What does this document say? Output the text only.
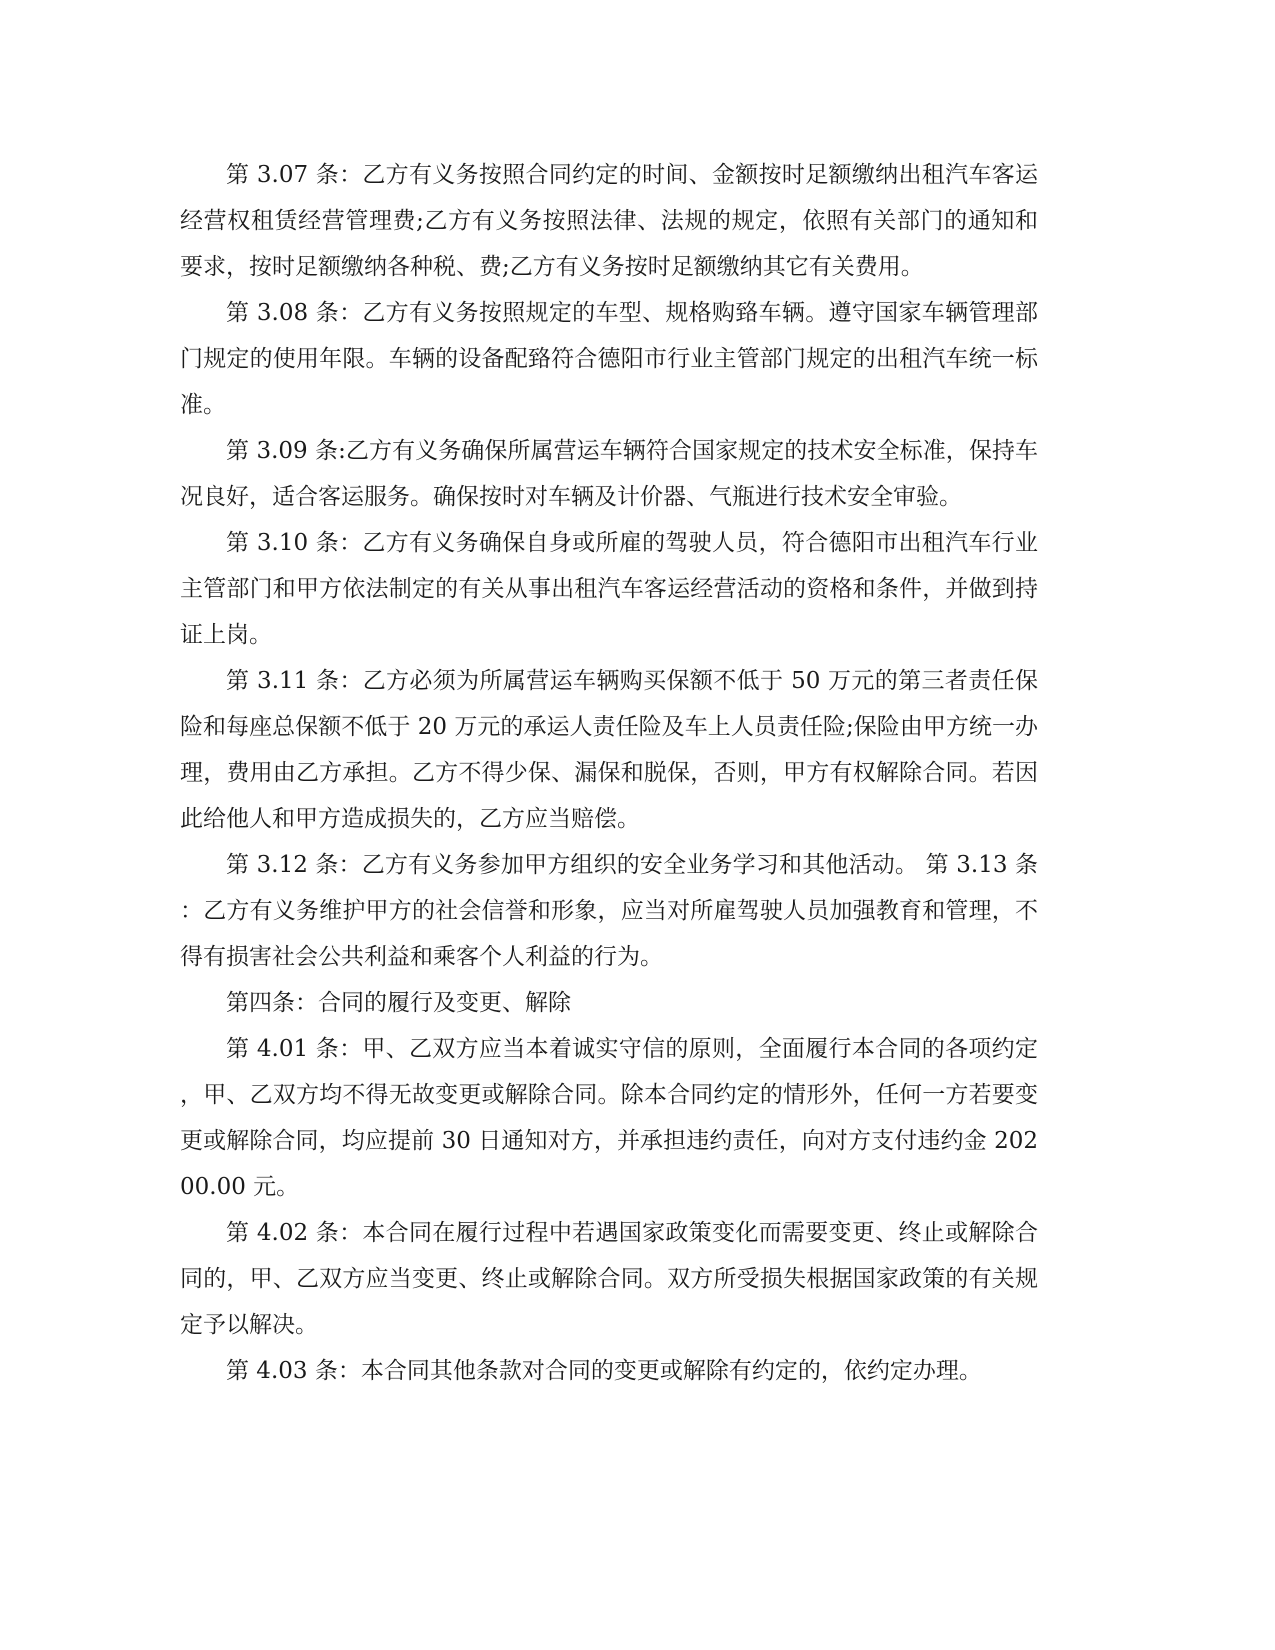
第 3.07 条：乙方有义务按照合同约定的时间、金额按时足额缴纳出租汽车客运经营权租赁经营管理费;乙方有义务按照法律、法规的规定，依照有关部门的通知和要求，按时足额缴纳各种税、费;乙方有义务按时足额缴纳其它有关费用。

第 3.08 条：乙方有义务按照规定的车型、规格购臵车辆。遵守国家车辆管理部门规定的使用年限。车辆的设备配臵符合德阳市行业主管部门规定的出租汽车统一标准。

第 3.09 条:乙方有义务确保所属营运车辆符合国家规定的技术安全标准，保持车况良好，适合客运服务。确保按时对车辆及计价器、气瓶进行技术安全审验。

第 3.10 条：乙方有义务确保自身或所雇的驾驶人员，符合德阳市出租汽车行业主管部门和甲方依法制定的有关从事出租汽车客运经营活动的资格和条件，并做到持证上岗。

第 3.11 条：乙方必须为所属营运车辆购买保额不低于 50 万元的第三者责任保险和每座总保额不低于 20 万元的承运人责任险及车上人员责任险;保险由甲方统一办理，费用由乙方承担。乙方不得少保、漏保和脱保，否则，甲方有权解除合同。若因此给他人和甲方造成损失的，乙方应当赔偿。

第 3.12 条：乙方有义务参加甲方组织的安全业务学习和其他活动。 第 3.13 条：乙方有义务维护甲方的社会信誉和形象，应当对所雇驾驶人员加强教育和管理，不得有损害社会公共利益和乘客个人利益的行为。

第四条：合同的履行及变更、解除

第 4.01 条：甲、乙双方应当本着诚实守信的原则，全面履行本合同的各项约定，甲、乙双方均不得无故变更或解除合同。除本合同约定的情形外，任何一方若要变更或解除合同，均应提前 30 日通知对方，并承担违约责任，向对方支付违约金 20200.00 元。

第 4.02 条：本合同在履行过程中若遇国家政策变化而需要变更、终止或解除合同的，甲、乙双方应当变更、终止或解除合同。双方所受损失根据国家政策的有关规定予以解决。

第 4.03 条：本合同其他条款对合同的变更或解除有约定的，依约定办理。
